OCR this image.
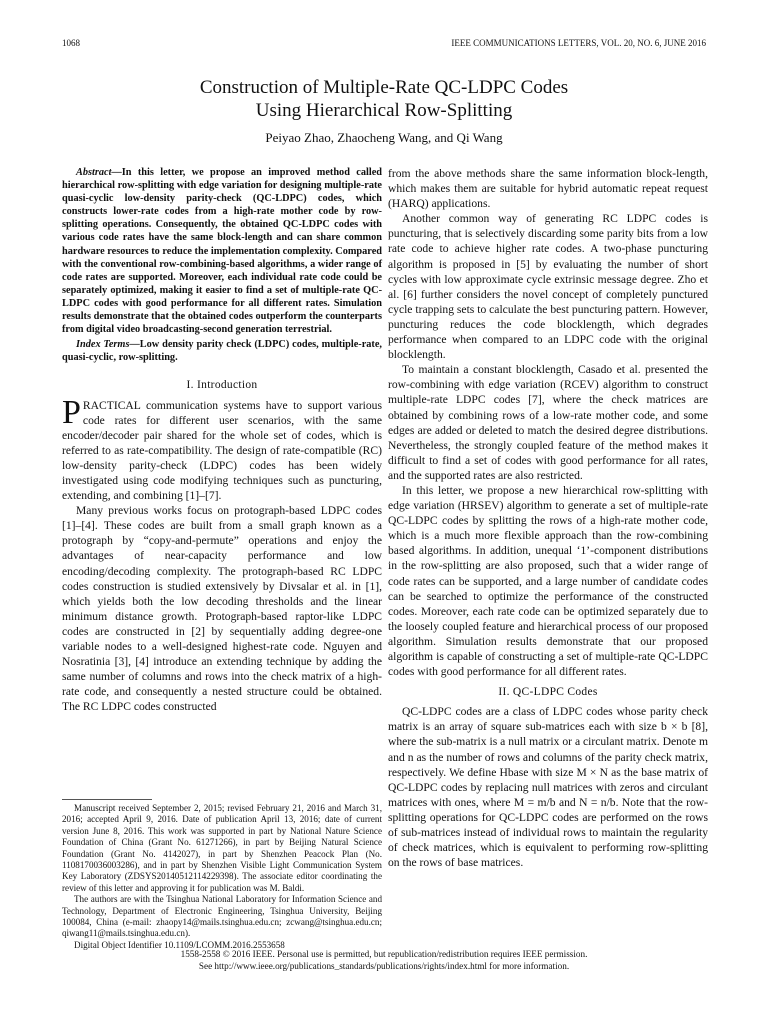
1068	IEEE COMMUNICATIONS LETTERS, VOL. 20, NO. 6, JUNE 2016
Construction of Multiple-Rate QC-LDPC Codes
Using Hierarchical Row-Splitting
Peiyao Zhao, Zhaocheng Wang, and Qi Wang

Abstract—In this letter, we propose an improved method called hierarchical row-splitting with edge variation for designing multiple-rate quasi-cyclic low-density parity-check (QC-LDPC) codes, which constructs lower-rate codes from a high-rate mother code by row-splitting operations. Consequently, the obtained QC-LDPC codes with various code rates have the same block-length and can share common hardware resources to reduce the implementation complexity. Compared with the conventional row-combining-based algorithms, a wider range of code rates are supported. Moreover, each individual rate code could be separately optimized, making it easier to find a set of multiple-rate QC-LDPC codes with good performance for all different rates. Simulation results demonstrate that the obtained codes outperform the counterparts from digital video broadcasting-second generation terrestrial.

Index Terms—Low density parity check (LDPC) codes, multiple-rate, quasi-cyclic, row-splitting.

I. Introduction

PRACTICAL communication systems have to support various code rates for different user scenarios, with the same encoder/decoder pair shared for the whole set of codes, which is referred to as rate-compatibility. The design of rate-compatible (RC) low-density parity-check (LDPC) codes has been widely investigated using code modifying techniques such as puncturing, extending, and combining [1]–[7].

Many previous works focus on protograph-based LDPC codes [1]–[4]. These codes are built from a small graph known as a protograph by “copy-and-permute” operations and enjoy the advantages of near-capacity performance and low encoding/decoding complexity. The protograph-based RC LDPC codes construction is studied extensively by Divsalar et al. in [1], which yields both the low decoding thresholds and the linear minimum distance growth. Protograph-based raptor-like LDPC codes are constructed in [2] by sequentially adding degree-one variable nodes to a well-designed highest-rate code. Nguyen and Nosratinia [3], [4] introduce an extending technique by adding the same number of columns and rows into the check matrix of a high-rate code, and consequently a nested structure could be obtained. The RC LDPC codes constructed

from the above methods share the same information block-length, which makes them are suitable for hybrid automatic repeat request (HARQ) applications.

Another common way of generating RC LDPC codes is puncturing, that is selectively discarding some parity bits from a low rate code to achieve higher rate codes. A two-phase puncturing algorithm is proposed in [5] by evaluating the number of short cycles with low approximate cycle extrinsic message degree. Zho et al. [6] further considers the novel concept of completely punctured cycle trapping sets to calculate the best puncturing pattern. However, puncturing reduces the code blocklength, which degrades performance when compared to an LDPC code with the original blocklength.

To maintain a constant blocklength, Casado et al. presented the row-combining with edge variation (RCEV) algorithm to construct multiple-rate LDPC codes [7], where the check matrices are obtained by combining rows of a low-rate mother code, and some edges are added or deleted to match the desired degree distributions. Nevertheless, the strongly coupled feature of the method makes it difficult to find a set of codes with good performance for all rates, and the supported rates are also restricted.

In this letter, we propose a new hierarchical row-splitting with edge variation (HRSEV) algorithm to generate a set of multiple-rate QC-LDPC codes by splitting the rows of a high-rate mother code, which is a much more flexible approach than the row-combining based algorithms. In addition, unequal ‘1’-component distributions in the row-splitting are also proposed, such that a wider range of code rates can be supported, and a large number of candidate codes can be searched to optimize the performance of the constructed codes. Moreover, each rate code can be optimized separately due to the loosely coupled feature and hierarchical process of our proposed algorithm. Simulation results demonstrate that our proposed algorithm is capable of constructing a set of multiple-rate QC-LDPC codes with good performance for all different rates.

II. QC-LDPC Codes

QC-LDPC codes are a class of LDPC codes whose parity check matrix is an array of square sub-matrices each with size b × b [8], where the sub-matrix is a null matrix or a circulant matrix. Denote m and n as the number of rows and columns of the parity check matrix, respectively. We define Hbase with size M × N as the base matrix of QC-LDPC codes by replacing null matrices with zeros and circulant matrices with ones, where M = m/b and N = n/b. Note that the row-splitting operations for QC-LDPC codes are performed on the rows of sub-matrices instead of individual rows to maintain the regularity of check matrices, which is equivalent to performing row-splitting on the rows of base matrices.

Manuscript received September 2, 2015; revised February 21, 2016 and March 31, 2016; accepted April 9, 2016. Date of publication April 13, 2016; date of current version June 8, 2016. This work was supported in part by National Nature Science Foundation of China (Grant No. 61271266), in part by Beijing Natural Science Foundation (Grant No. 4142027), in part by Shenzhen Peacock Plan (No. 1108170036003286), and in part by Shenzhen Visible Light Communication System Key Laboratory (ZDSYS20140512114229398). The associate editor coordinating the review of this letter and approving it for publication was M. Baldi.

The authors are with the Tsinghua National Laboratory for Information Science and Technology, Department of Electronic Engineering, Tsinghua University, Beijing 100084, China (e-mail: zhaopy14@mails.tsinghua.edu.cn; zcwang@tsinghua.edu.cn; qiwang11@mails.tsinghua.edu.cn).

Digital Object Identifier 10.1109/LCOMM.2016.2553658

1558-2558 © 2016 IEEE. Personal use is permitted, but republication/redistribution requires IEEE permission.
See http://www.ieee.org/publications_standards/publications/rights/index.html for more information.
